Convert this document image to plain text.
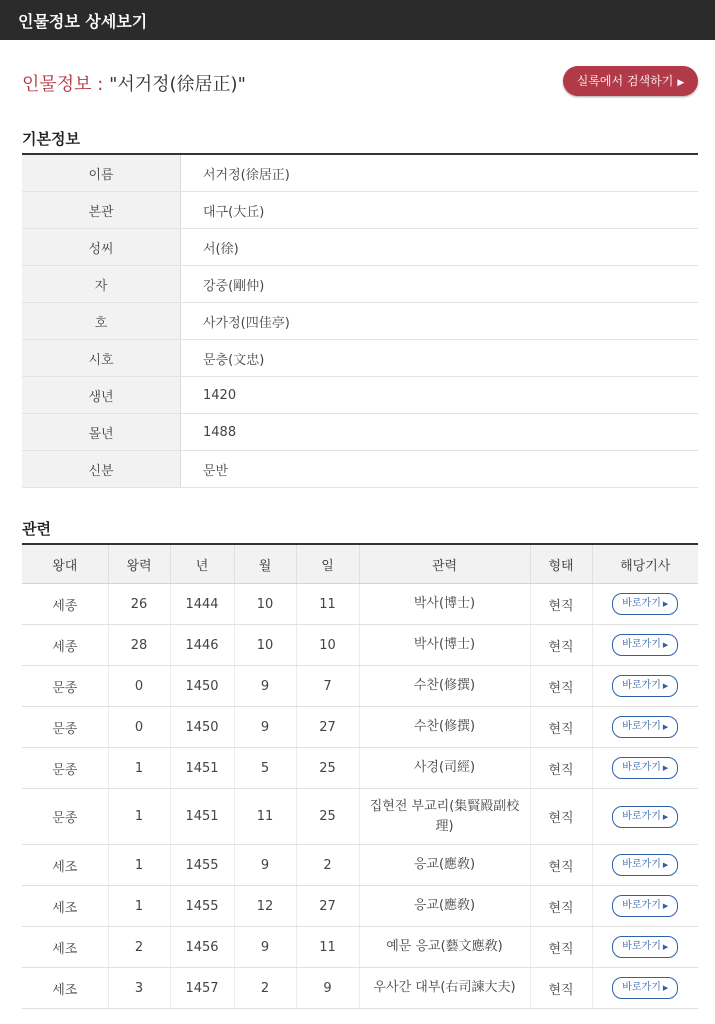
인물정보 상세보기
인물정보 : "서거정(徐居正)"	실록에서 검색하기 ▶
기본정보
이름	서거정(徐居正)
본관	대구(大丘)
성씨	서(徐)
자	강중(剛仲)
호	사가정(四佳亭)
시호	문충(文忠)
생년	1420
몰년	1488
신분	문반
관련
왕대	왕력	년	월	일	관력	형태	해당기사
세종	26	1444	10	11	박사(博士)	현직	바로가기 ▶
세종	28	1446	10	10	박사(博士)	현직	바로가기 ▶
문종	0	1450	9	7	수찬(修撰)	현직	바로가기 ▶
문종	0	1450	9	27	수찬(修撰)	현직	바로가기 ▶
문종	1	1451	5	25	사경(司經)	현직	바로가기 ▶
문종	1	1451	11	25	집현전 부교리(集賢殿副校理)	현직	바로가기 ▶
세조	1	1455	9	2	응교(應敎)	현직	바로가기 ▶
세조	1	1455	12	27	응교(應敎)	현직	바로가기 ▶
세조	2	1456	9	11	예문 응교(藝文應敎)	현직	바로가기 ▶
세조	3	1457	2	9	우사간 대부(右司諫大夫)	현직	바로가기 ▶
